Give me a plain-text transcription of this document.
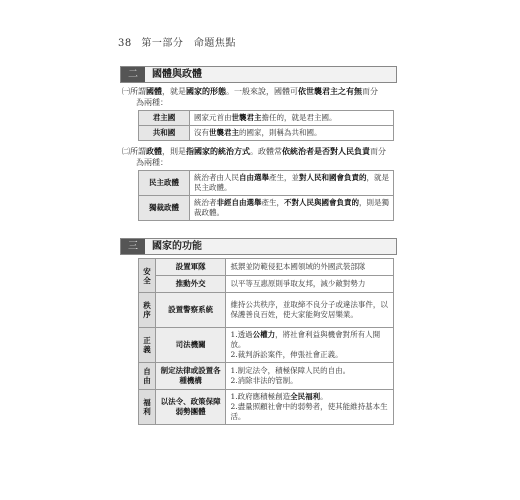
38 第一部分　命題焦點
二	國體與政體
㈠所謂國體，就是國家的形態。一般來說，國體可依世襲君主之有無而分
為兩種：
君主國	國家元首由世襲君主擔任的，就是君主國。
共和國	沒有世襲君主的國家，則稱為共和國。
㈡所謂政體，則是指國家的統治方式。政體常依統治者是否對人民負責而分
為兩種：
民主政體	統治者由人民自由選舉產生，並對人民和國會負責的，就是民主政體。
獨裁政體	統治者非經自由選舉產生，不對人民與國會負責的，則是獨裁政體。
三	國家的功能
安全	設置軍隊	抵禦並防範侵犯本國領域的外國武裝部隊
	推動外交	以平等互惠原則爭取友邦，減少敵對勢力
秩序	設置警察系統	維持公共秩序，並取締不良分子或違法事件，以保護善良百姓，使大家能夠安居樂業。
正義	司法機關	1.透過公權力，將社會利益與機會對所有人開放。
2.裁判訴訟案件，伸張社會正義。
自由	制定法律或設置各種機構	1.制定法令，積極保障人民的自由。
2.消除非法的管制。
福利	以法令、政策保障弱勢團體	1.政府應積極創造全民福利。
2.盡量照顧社會中的弱勢者，使其能維持基本生活。
